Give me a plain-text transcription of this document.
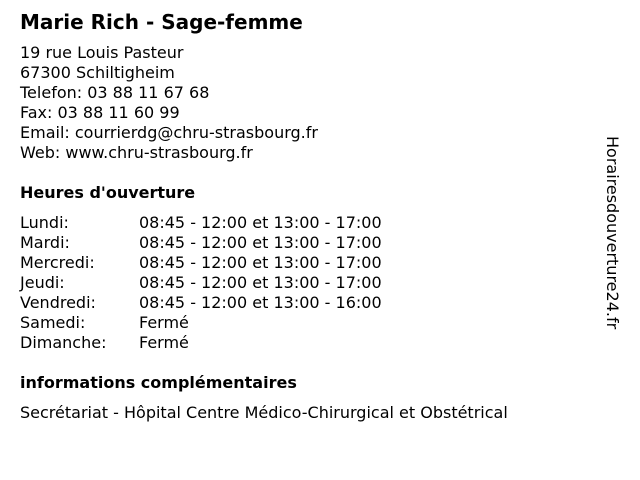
Marie Rich - Sage-femme
19 rue Louis Pasteur
67300 Schiltigheim
Telefon: 03 88 11 67 68
Fax: 03 88 11 60 99
Email: courrierdg@chru-strasbourg.fr
Web: www.chru-strasbourg.fr
Heures d'ouverture
Lundi:	08:45 - 12:00 et 13:00 - 17:00
Mardi:	08:45 - 12:00 et 13:00 - 17:00
Mercredi:	08:45 - 12:00 et 13:00 - 17:00
Jeudi:	08:45 - 12:00 et 13:00 - 17:00
Vendredi:	08:45 - 12:00 et 13:00 - 16:00
Samedi:	Fermé
Dimanche: Fermé
informations complémentaires
Secrétariat - Hôpital Centre Médico-Chirurgical et Obstétrical
Horairesdouverture24.fr
